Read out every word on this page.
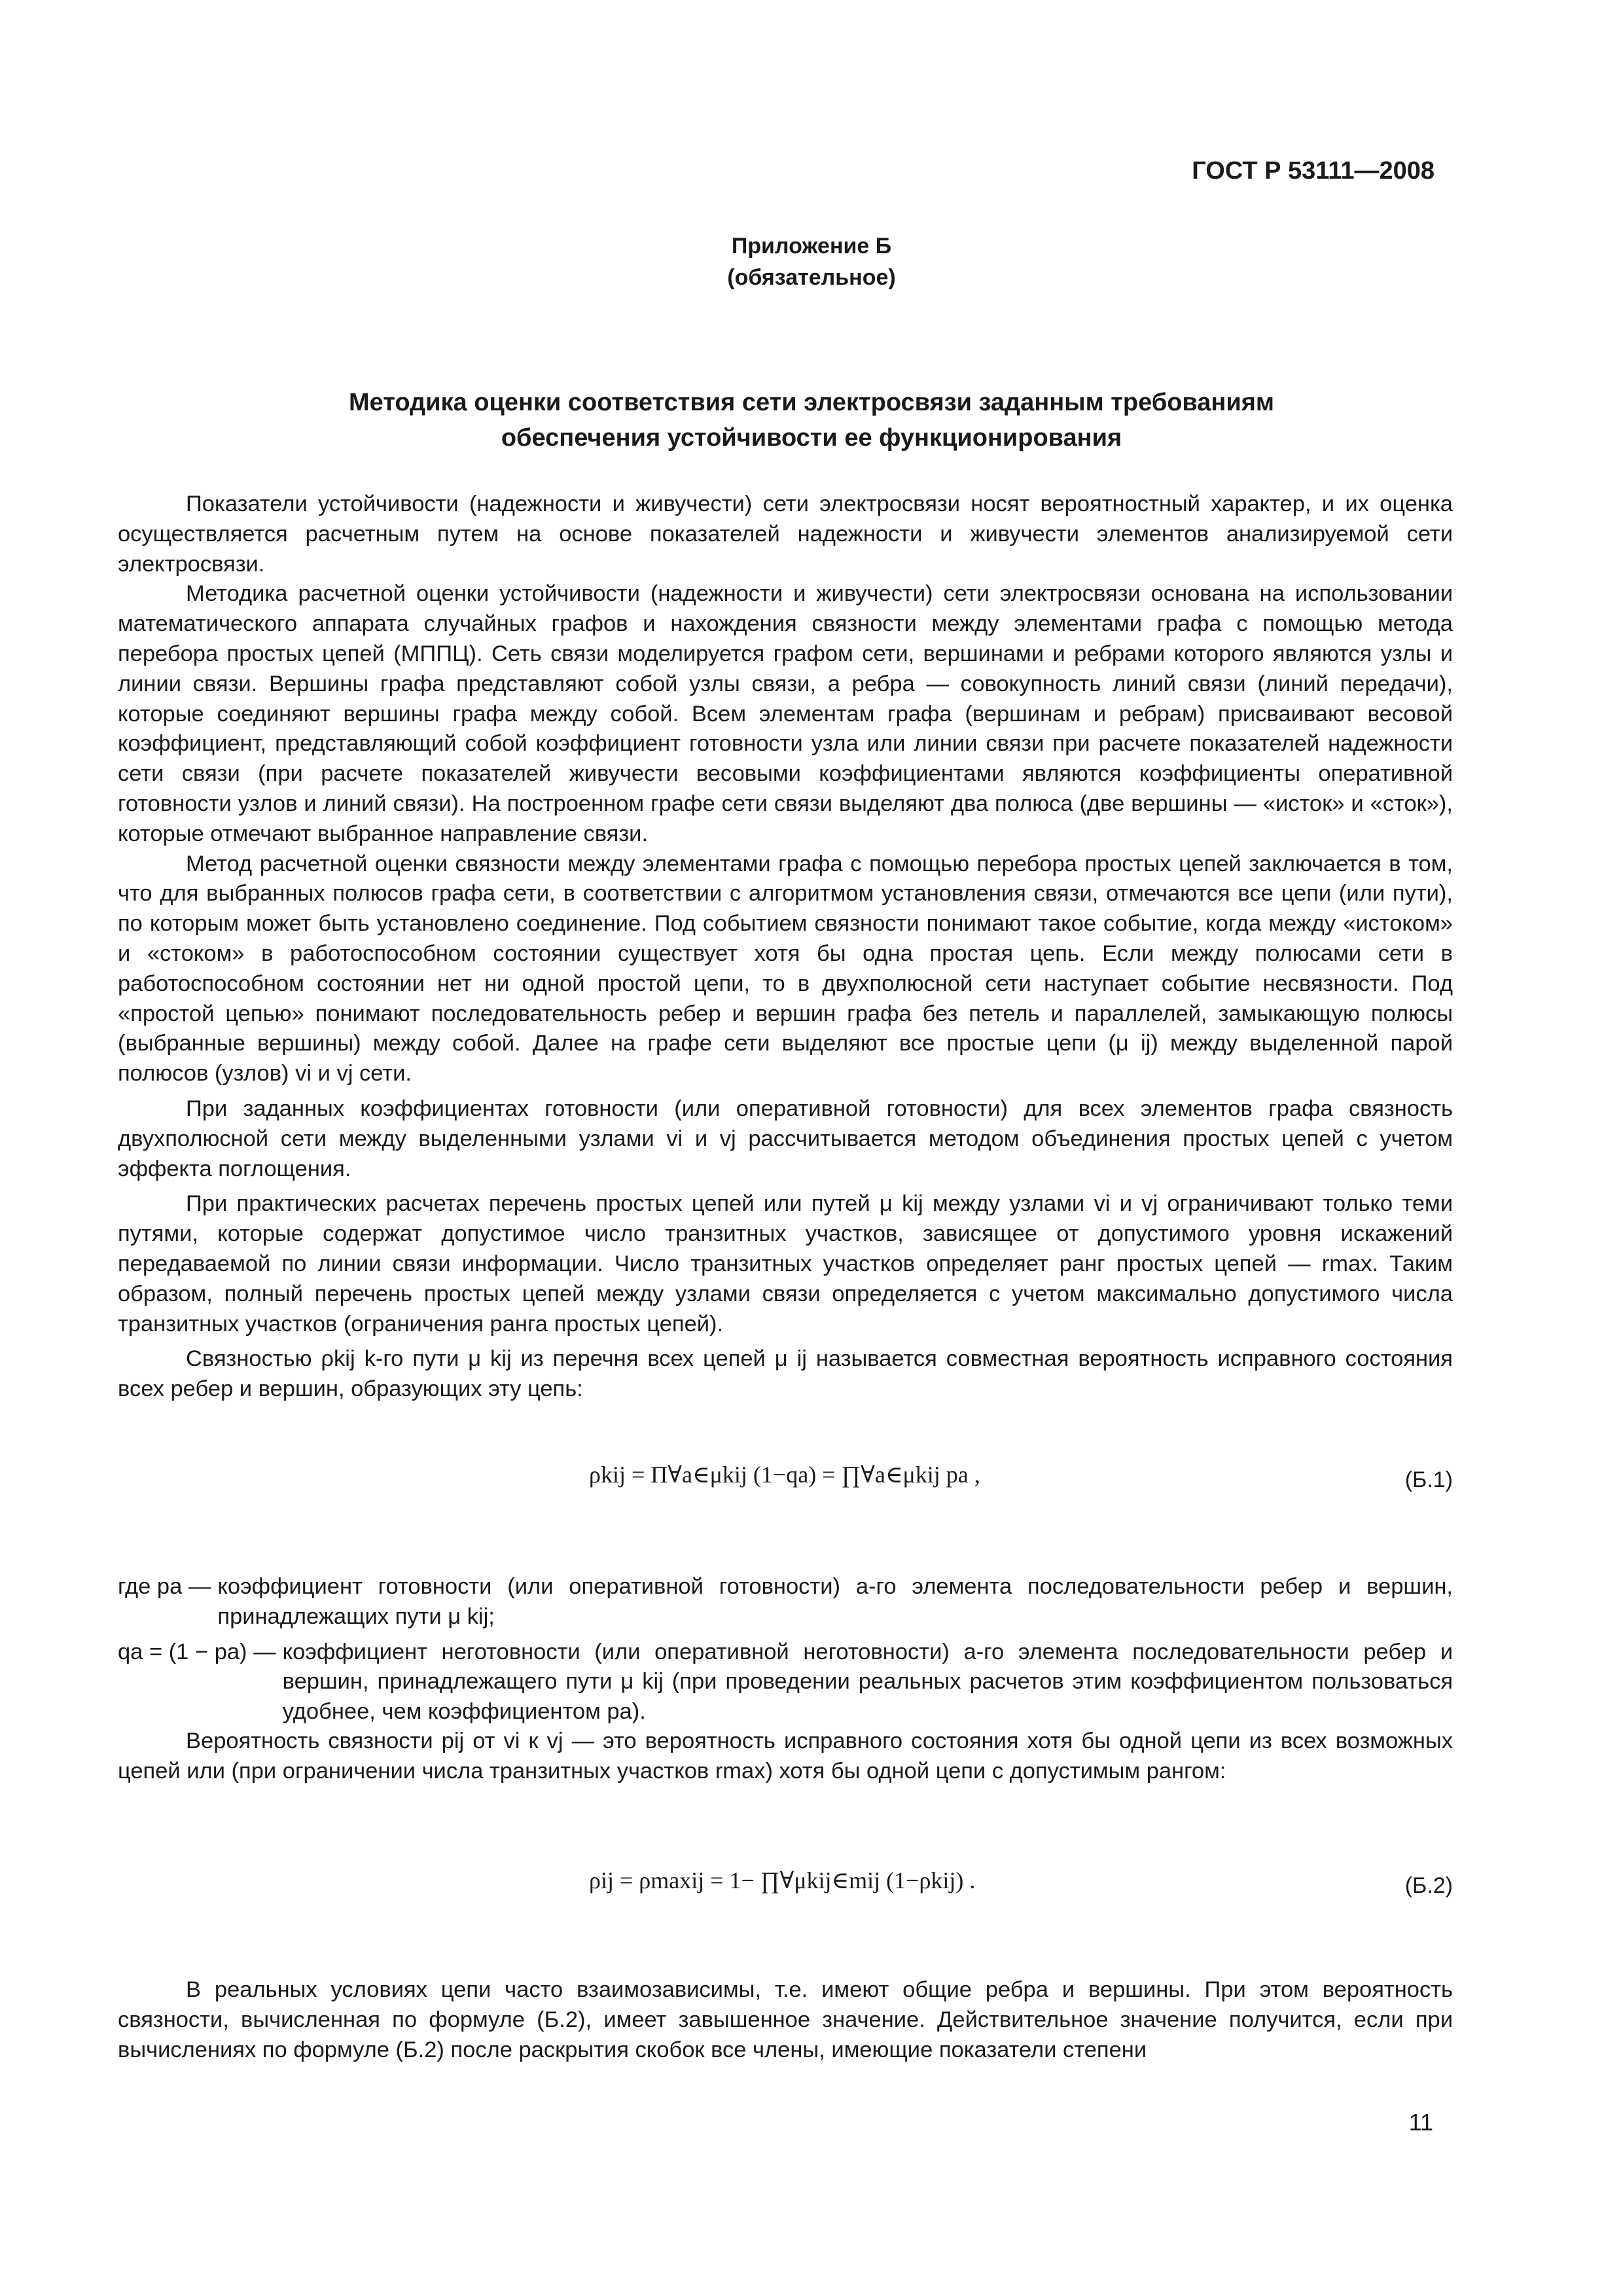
ГОСТ Р 53111—2008
Приложение Б
(обязательное)
Методика оценки соответствия сети электросвязи заданным требованиям
обеспечения устойчивости ее функционирования

Показатели устойчивости (надежности и живучести) сети электросвязи носят вероятностный характер, и их оценка осуществляется расчетным путем на основе показателей надежности и живучести элементов анализируемой сети электросвязи.

Методика расчетной оценки устойчивости (надежности и живучести) сети электросвязи основана на использовании математического аппарата случайных графов и нахождения связности между элементами графа с помощью метода перебора простых цепей (МППЦ). Сеть связи моделируется графом сети, вершинами и ребрами которого являются узлы и линии связи. Вершины графа представляют собой узлы связи, а ребра — совокупность линий связи (линий передачи), которые соединяют вершины графа между собой. Всем элементам графа (вершинам и ребрам) присваивают весовой коэффициент, представляющий собой коэффициент готовности узла или линии связи при расчете показателей надежности сети связи (при расчете показателей живучести весовыми коэффициентами являются коэффициенты оперативной готовности узлов и линий связи). На построенном графе сети связи выделяют два полюса (две вершины — «исток» и «сток»), которые отмечают выбранное направление связи.

Метод расчетной оценки связности между элементами графа с помощью перебора простых цепей заключается в том, что для выбранных полюсов графа сети, в соответствии с алгоритмом установления связи, отмечаются все цепи (или пути), по которым может быть установлено соединение. Под событием связности понимают такое событие, когда между «истоком» и «стоком» в работоспособном состоянии существует хотя бы одна простая цепь. Если между полюсами сети в работоспособном состоянии нет ни одной простой цепи, то в двухполюсной сети наступает событие несвязности. Под «простой цепью» понимают последовательность ребер и вершин графа без петель и параллелей, замыкающую полюсы (выбранные вершины) между собой. Далее на графе сети выделяют все простые цепи (μ ij) между выделенной парой полюсов (узлов) vi и vj сети.

При заданных коэффициентах готовности (или оперативной готовности) для всех элементов графа связность двухполюсной сети между выделенными узлами vi и vj рассчитывается методом объединения простых цепей с учетом эффекта поглощения.

При практических расчетах перечень простых цепей или путей μ kij между узлами vi и vj ограничивают только теми путями, которые содержат допустимое число транзитных участков, зависящее от допустимого уровня искажений передаваемой по линии связи информации. Число транзитных участков определяет ранг простых цепей — rmax. Таким образом, полный перечень простых цепей между узлами связи определяется с учетом максимально допустимого числа транзитных участков (ограничения ранга простых цепей).

Связностью ρkij k-го пути μ kij из перечня всех цепей μ ij называется совместная вероятность исправного состояния всех ребер и вершин, образующих эту цепь:

ρkij = Π∀a∈μkij (1−qa) = ∏∀a∈μkij pa ,	(Б.1)
где pa — коэффициент готовности (или оперативной готовности) a-го элемента последовательности ребер и вершин, принадлежащих пути μ kij;
qa = (1 − pa) — коэффициент неготовности (или оперативной неготовности) a-го элемента последовательности ребер и вершин, принадлежащего пути μ kij (при проведении реальных расчетов этим коэффициентом пользоваться удобнее, чем коэффициентом pa).

Вероятность связности pij от vi к vj — это вероятность исправного состояния хотя бы одной цепи из всех возможных цепей или (при ограничении числа транзитных участков rmax) хотя бы одной цепи с допустимым рангом:

ρij = ρmaxij = 1− ∏∀μkij∈mij (1−ρkij) .	(Б.2)

В реальных условиях цепи часто взаимозависимы, т.е. имеют общие ребра и вершины. При этом вероятность связности, вычисленная по формуле (Б.2), имеет завышенное значение. Действительное значение получится, если при вычислениях по формуле (Б.2) после раскрытия скобок все члены, имеющие показатели степени

11
